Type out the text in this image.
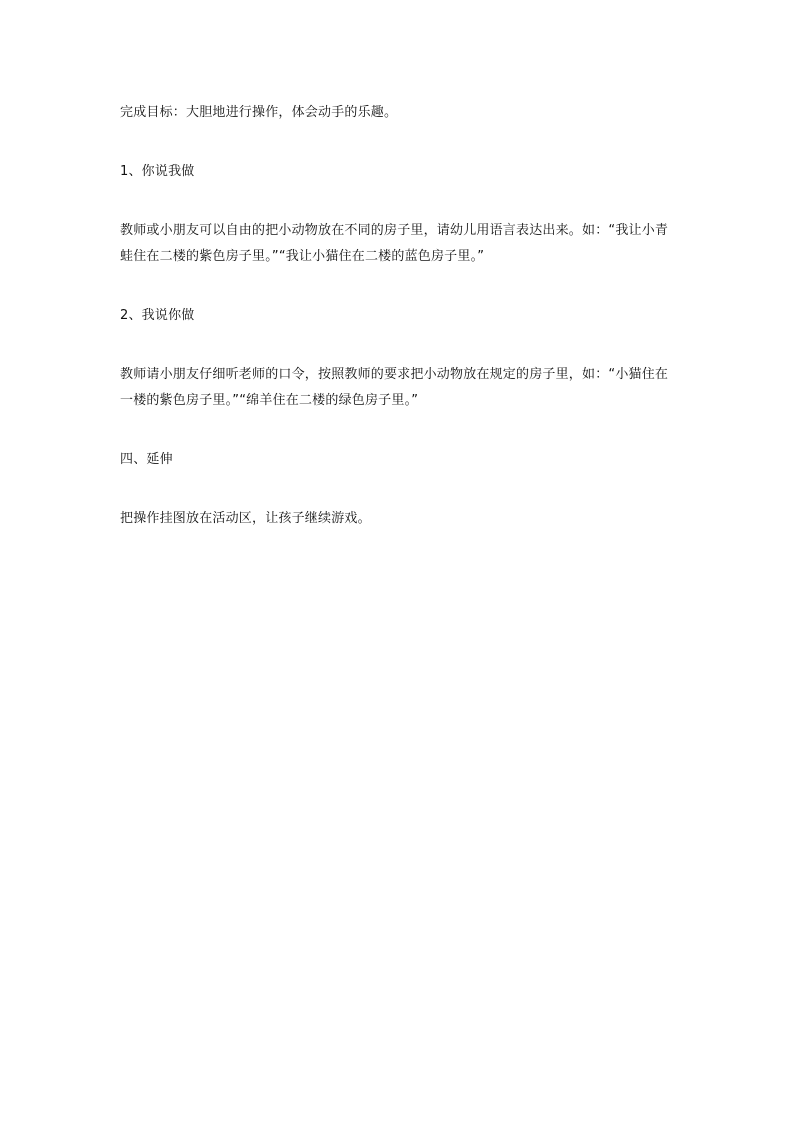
完成目标：大胆地进行操作，体会动手的乐趣。

1、你说我做

教师或小朋友可以自由的把小动物放在不同的房子里，请幼儿用语言表达出来。如：“我让小青蛙住在二楼的紫色房子里。”“我让小猫住在二楼的蓝色房子里。”

2、我说你做

教师请小朋友仔细听老师的口令，按照教师的要求把小动物放在规定的房子里，如：“小猫住在一楼的紫色房子里。”“绵羊住在二楼的绿色房子里。”

四、延伸

把操作挂图放在活动区，让孩子继续游戏。
